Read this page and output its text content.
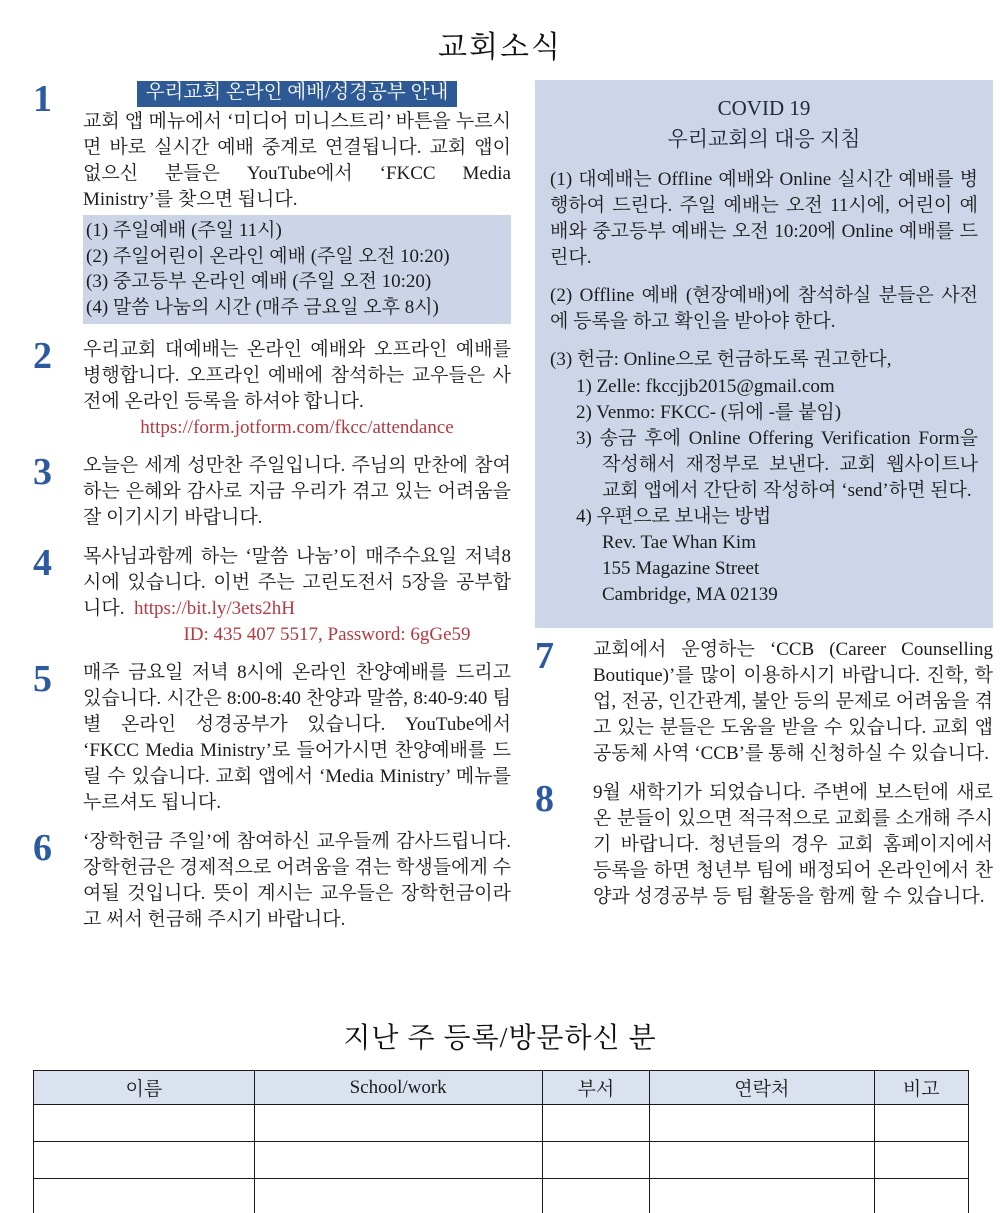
교회소식
1	우리교회 온라인 예배/성경공부 안내
교회 앱 메뉴에서 ‘미디어 미니스트리’ 바튼을 누르시면 바로 실시간 예배 중계로 연결됩니다. 교회 앱이 없으신 분들은 YouTube에서 ‘FKCC Media Ministry’를 찾으면 됩니다.
(1) 주일예배 (주일 11시)
(2) 주일어린이 온라인 예배 (주일 오전 10:20)
(3) 중고등부 온라인 예배 (주일 오전 10:20)
(4) 말씀 나눔의 시간 (매주 금요일 오후 8시)
2	우리교회 대예배는 온라인 예배와 오프라인 예배를 병행합니다. 오프라인 예배에 참석하는 교우들은 사전에 온라인 등록을 하셔야 합니다.
https://form.jotform.com/fkcc/attendance
3	오늘은 세계 성만찬 주일입니다. 주님의 만찬에 참여하는 은혜와 감사로 지금 우리가 겪고 있는 어려움을 잘 이기시기 바랍니다.
4	목사님과함께 하는 ‘말씀 나눔’이 매주수요일 저녁8시에 있습니다. 이번 주는 고린도전서 5장을 공부합니다. https://bit.ly/3ets2hH
ID: 435 407 5517, Password: 6gGe59
5	매주 금요일 저녁 8시에 온라인 찬양예배를 드리고 있습니다. 시간은 8:00-8:40 찬양과 말씀, 8:40-9:40 팀별 온라인 성경공부가 있습니다. YouTube에서 ‘FKCC Media Ministry’로 들어가시면 찬양예배를 드릴 수 있습니다. 교회 앱에서 ‘Media Ministry’ 메뉴를 누르셔도 됩니다.
6	‘장학헌금 주일’에 참여하신 교우들께 감사드립니다. 장학헌금은 경제적으로 어려움을 겪는 학생들에게 수여될 것입니다. 뜻이 계시는 교우들은 장학헌금이라고 써서 헌금해 주시기 바랍니다.
COVID 19
우리교회의 대응 지침
(1) 대예배는 Offline 예배와 Online 실시간 예배를 병행하여 드린다. 주일 예배는 오전 11시에, 어린이 예배와 중고등부 예배는 오전 10:20에 Online 예배를 드린다.
(2) Offline 예배 (현장예배)에 참석하실 분들은 사전에 등록을 하고 확인을 받아야 한다.
(3) 헌금: Online으로 헌금하도록 권고한다,
1) Zelle: fkccjjb2015@gmail.com
2) Venmo: FKCC- (뒤에 -를 붙임)
3) 송금 후에 Online Offering Verification Form을 작성해서 재정부로 보낸다. 교회 웹사이트나 교회 앱에서 간단히 작성하여 ‘send’하면 된다.
4) 우편으로 보내는 방법
Rev. Tae Whan Kim
155 Magazine Street
Cambridge, MA 02139
7	교회에서 운영하는 ‘CCB (Career Counselling Boutique)’를 많이 이용하시기 바랍니다. 진학, 학업, 전공, 인간관계, 불안 등의 문제로 어려움을 겪고 있는 분들은 도움을 받을 수 있습니다. 교회 앱 공동체 사역 ‘CCB’를 통해 신청하실 수 있습니다.
8	9월 새학기가 되었습니다. 주변에 보스턴에 새로 온 분들이 있으면 적극적으로 교회를 소개해 주시기 바랍니다. 청년들의 경우 교회 홈페이지에서 등록을 하면 청년부 팀에 배정되어 온라인에서 찬양과 성경공부 등 팀 활동을 함께 할 수 있습니다.
지난 주 등록/방문하신 분
이름	School/work	부서	연락처	비고
